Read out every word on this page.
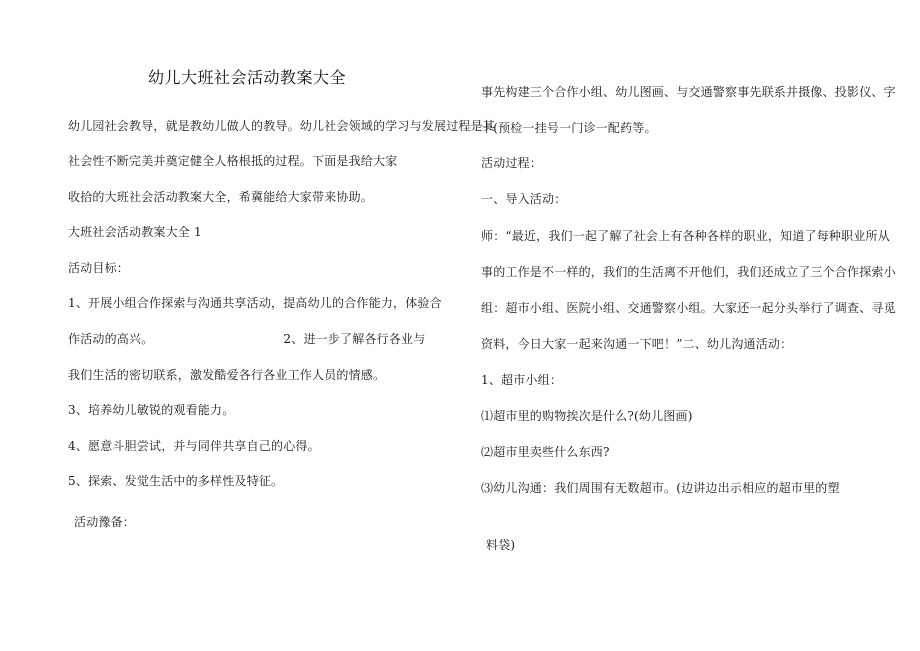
幼儿大班社会活动教案大全
幼儿园社会教导，就是教幼儿做人的教导。幼儿社会领域的学习与发展过程是其
社会性不断完美并奠定健全人格根抵的过程。下面是我给大家
收拾的大班社会活动教案大全，希冀能给大家带来协助。
大班社会活动教案大全 1
活动目标：
1、开展小组合作探索与沟通共享活动，提高幼儿的合作能力，体验合
作活动的高兴。	2、进一步了解各行各业与
我们生活的密切联系，激发酷爱各行各业工作人员的情感。
3、培养幼儿敏锐的观看能力。
4、愿意斗胆尝试，并与同伴共享自己的心得。
5、探索、发觉生活中的多样性及特征。
活动豫备：
事先构建三个合作小组、幼儿图画、与交通警察事先联系并摄像、投影仪、字
卡(预检一挂号一门诊一配药等。
活动过程：
一、导入活动：
师：“最近，我们一起了解了社会上有各种各样的职业，知道了每种职业所从
事的工作是不一样的，我们的生活离不开他们，我们还成立了三个合作探索小
组：超市小组、医院小组、交通警察小组。大家还一起分头举行了调查、寻觅
资料，今日大家一起来沟通一下吧！”二、幼儿沟通活动：
1、超市小组：
⑴超市里的购物挨次是什么?(幼儿图画)
⑵超市里卖些什么东西?
⑶幼儿沟通：我们周围有无数超市。(边讲边出示相应的超市里的塑
料袋)
